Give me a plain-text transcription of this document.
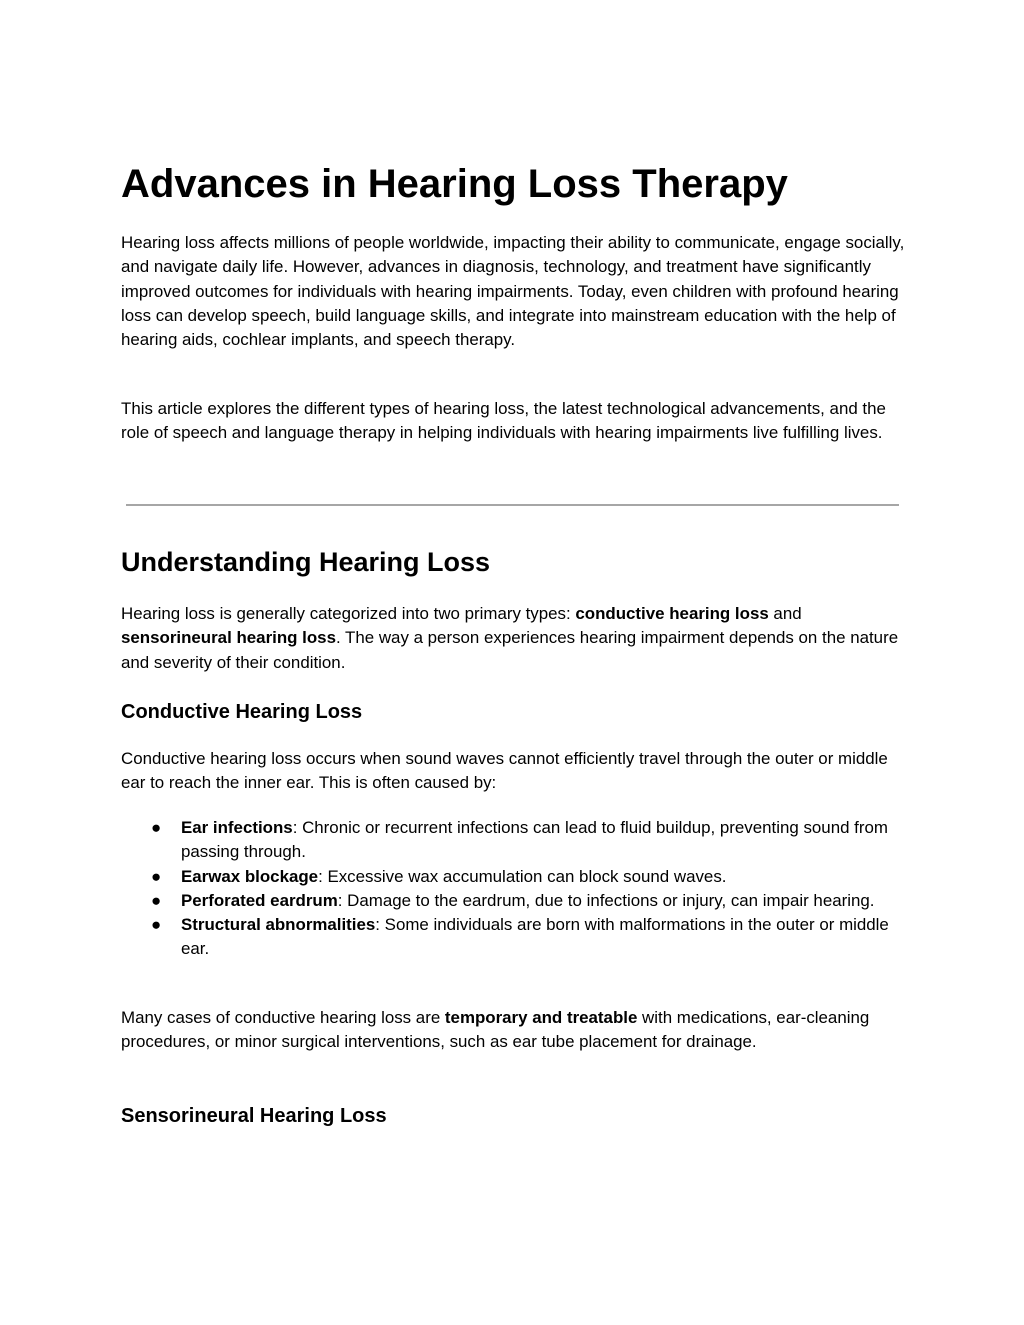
Advances in Hearing Loss Therapy

Hearing loss affects millions of people worldwide, impacting their ability to communicate, engage socially, and navigate daily life. However, advances in diagnosis, technology, and treatment have significantly improved outcomes for individuals with hearing impairments. Today, even children with profound hearing loss can develop speech, build language skills, and integrate into mainstream education with the help of hearing aids, cochlear implants, and speech therapy.

This article explores the different types of hearing loss, the latest technological advancements, and the role of speech and language therapy in helping individuals with hearing impairments live fulfilling lives.

Understanding Hearing Loss

Hearing loss is generally categorized into two primary types: conductive hearing loss and sensorineural hearing loss. The way a person experiences hearing impairment depends on the nature and severity of their condition.

Conductive Hearing Loss

Conductive hearing loss occurs when sound waves cannot efficiently travel through the outer or middle ear to reach the inner ear. This is often caused by:

● Ear infections: Chronic or recurrent infections can lead to fluid buildup, preventing sound from passing through.
● Earwax blockage: Excessive wax accumulation can block sound waves.
● Perforated eardrum: Damage to the eardrum, due to infections or injury, can impair hearing.
● Structural abnormalities: Some individuals are born with malformations in the outer or middle ear.

Many cases of conductive hearing loss are temporary and treatable with medications, ear-cleaning procedures, or minor surgical interventions, such as ear tube placement for drainage.

Sensorineural Hearing Loss
